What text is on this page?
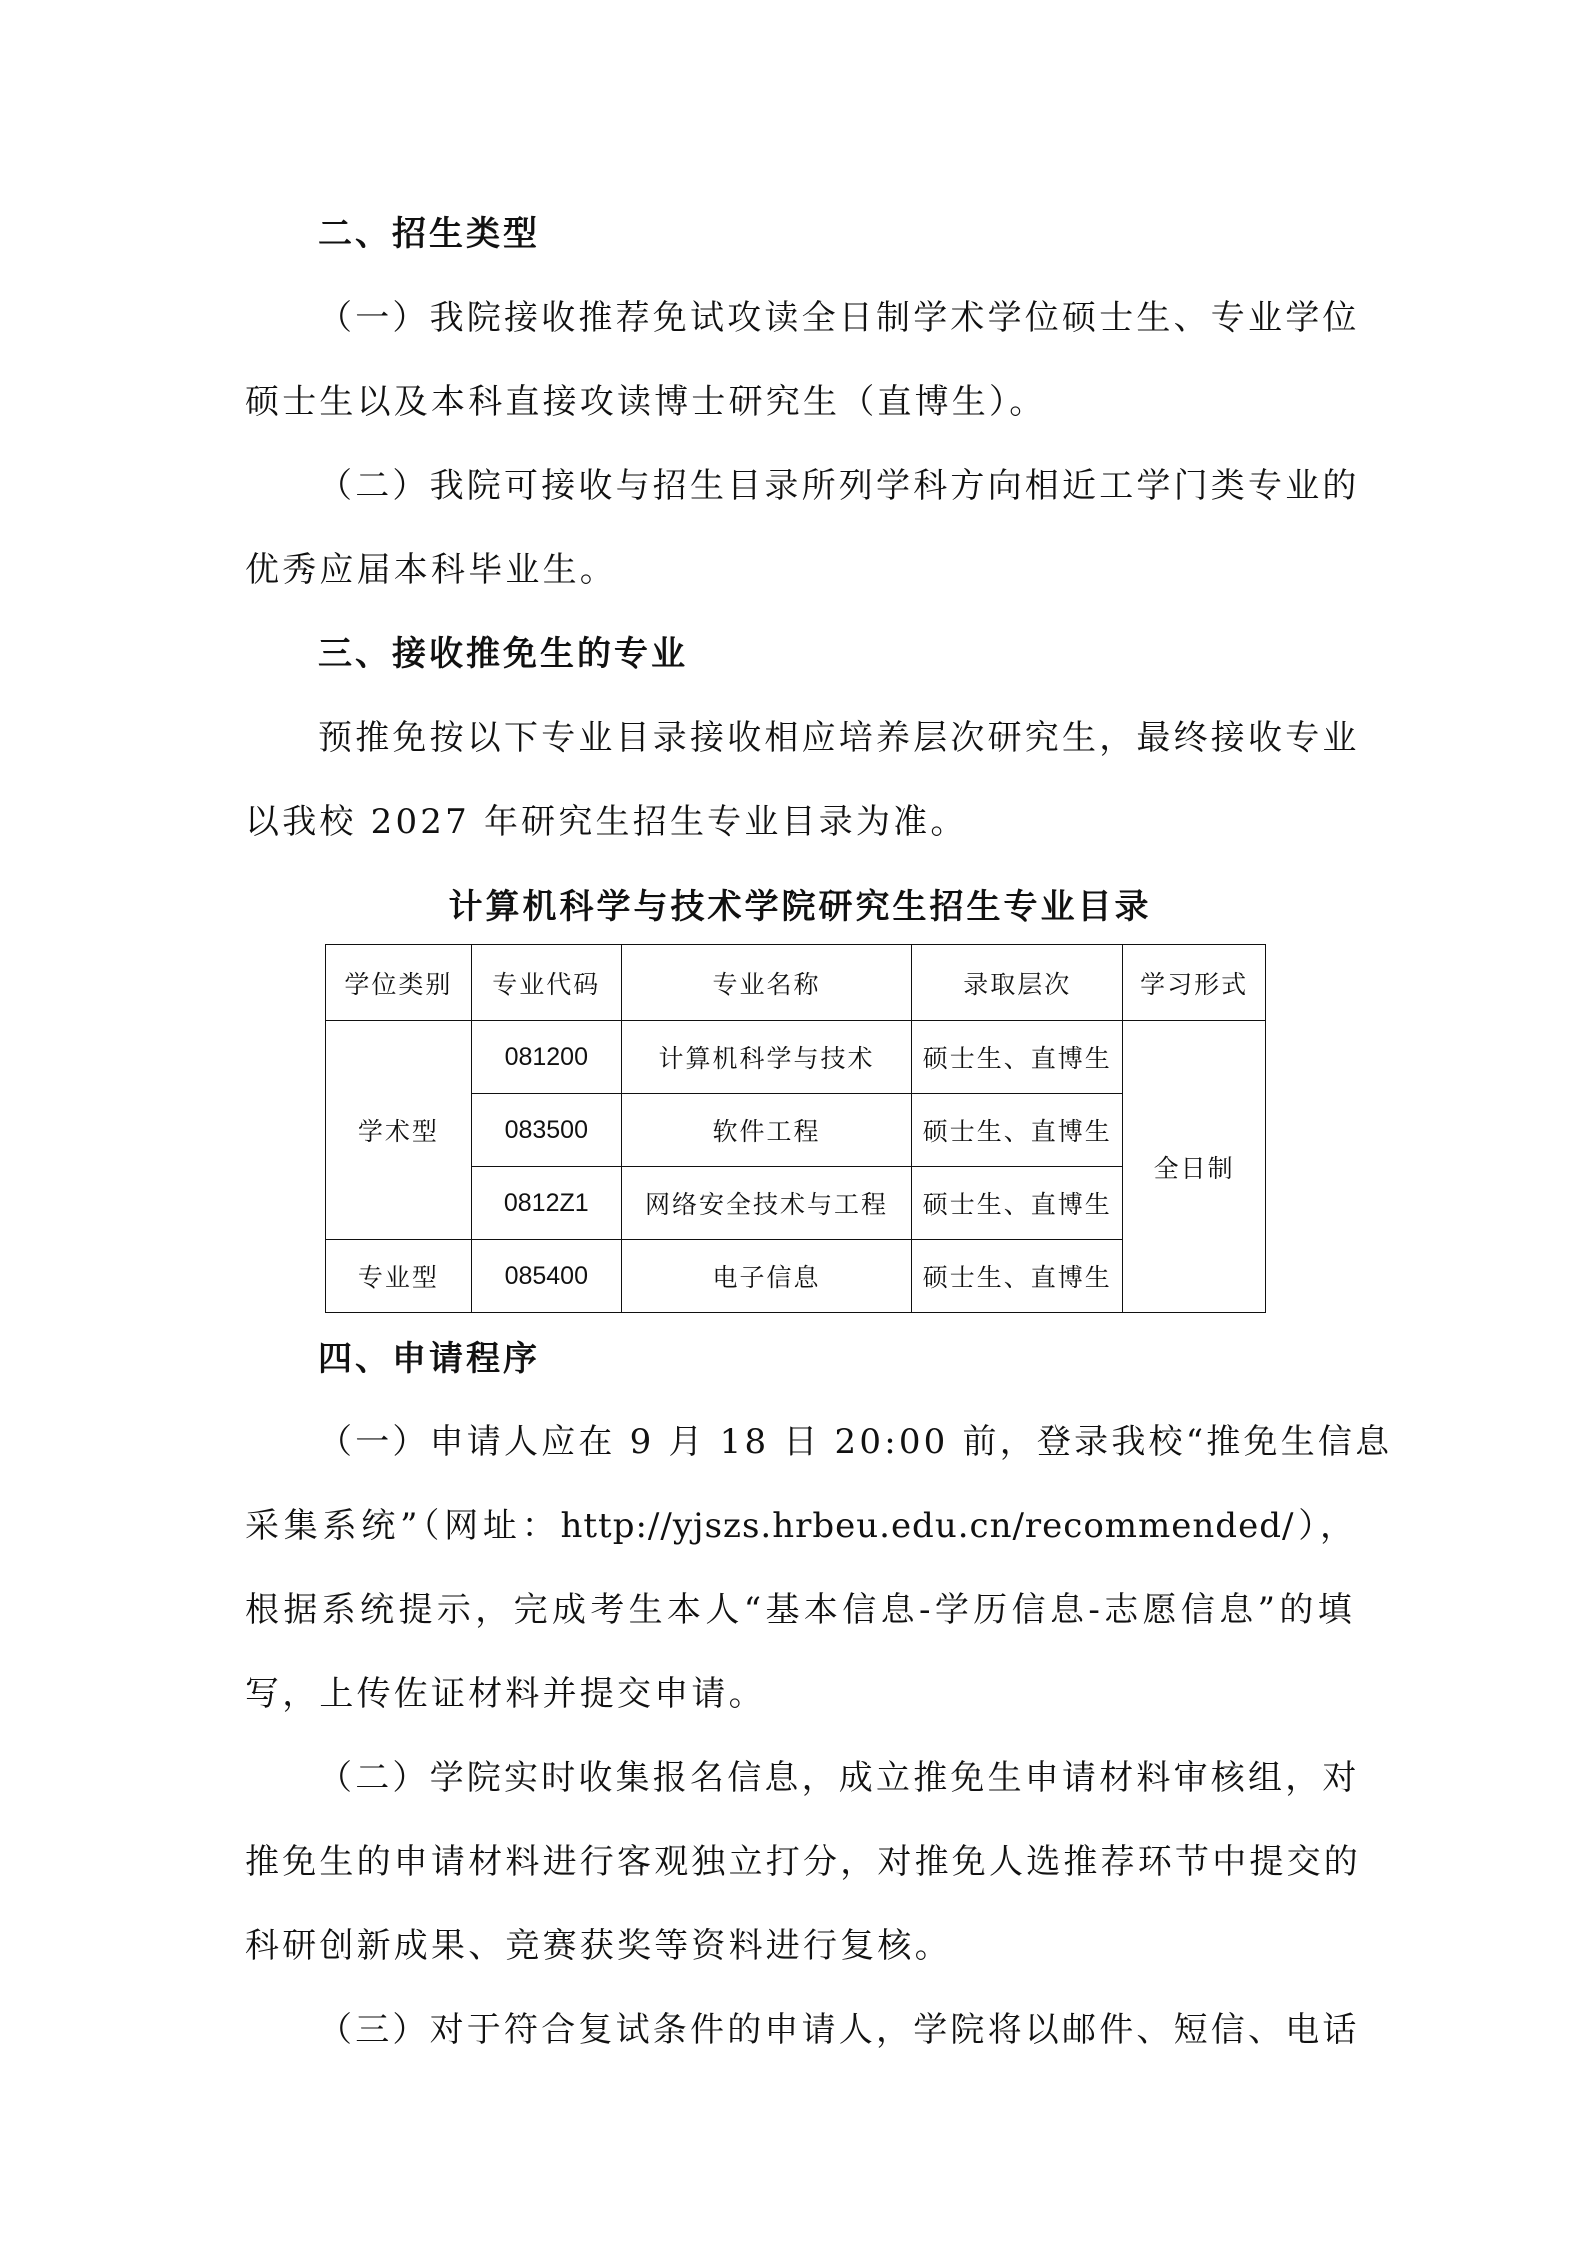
二、招生类型
（一）我院接收推荐免试攻读全日制学术学位硕士生、专业学位
硕士生以及本科直接攻读博士研究生（直博生）。
（二）我院可接收与招生目录所列学科方向相近工学门类专业的
优秀应届本科毕业生。
三、接收推免生的专业
预推免按以下专业目录接收相应培养层次研究生，最终接收专业
以我校 2027 年研究生招生专业目录为准。
计算机科学与技术学院研究生招生专业目录
学位类别	专业代码	专业名称	录取层次	学习形式
学术型	081200	计算机科学与技术	硕士生、直博生	全日制
	083500	软件工程	硕士生、直博生	
	0812Z1	网络安全技术与工程	硕士生、直博生	
专业型	085400	电子信息	硕士生、直博生	
四、申请程序
（一）申请人应在 9 月 18 日 20:00 前，登录我校“推免生信息
采集系统”（网址：http://yjszs.hrbeu.edu.cn/recommended/），
根据系统提示，完成考生本人“基本信息-学历信息-志愿信息”的填
写，上传佐证材料并提交申请。
（二）学院实时收集报名信息，成立推免生申请材料审核组，对
推免生的申请材料进行客观独立打分，对推免人选推荐环节中提交的
科研创新成果、竞赛获奖等资料进行复核。
（三）对于符合复试条件的申请人，学院将以邮件、短信、电话
